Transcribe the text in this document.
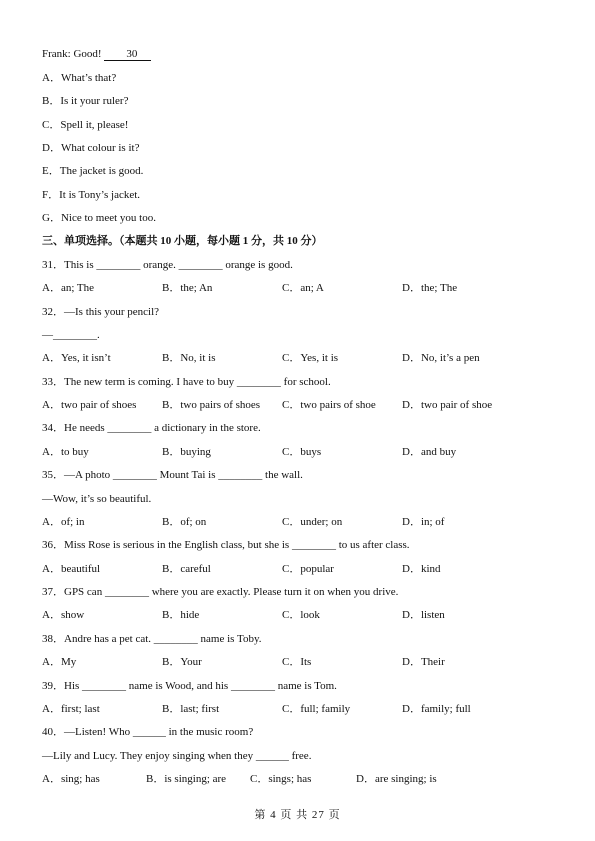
Frank: Good! 30
A．What’s that?
B．Is it your ruler?
C．Spell it, please!
D．What colour is it?
E．The jacket is good.
F．It is Tony’s jacket.
G．Nice to meet you too.
三、单项选择。（本题共 10 小题，每小题 1 分，共 10 分）
31．This is ________ orange. ________ orange is good.
A．an; The	B．the; An	C．an; A	D．the; The
32．—Is this your pencil?
—________.
A．Yes, it isn’t	B．No, it is	C．Yes, it is	D．No, it’s a pen
33．The new term is coming. I have to buy ________ for school.
A．two pair of shoes B．two pairs of shoes C．two pairs of shoe D．two pair of shoe
34．He needs ________ a dictionary in the store.
A．to buy	B．buying	C．buys	D．and buy
35．—A photo ________ Mount Tai is ________ the wall.
—Wow, it’s so beautiful.
A．of; in	B．of; on	C．under; on	D．in; of
36．Miss Rose is serious in the English class, but she is ________ to us after class.
A．beautiful	B．careful	C．popular	D．kind
37．GPS can ________ where you are exactly. Please turn it on when you drive.
A．show	B．hide	C．look	D．listen
38．Andre has a pet cat. ________ name is Toby.
A．My	B．Your	C．Its	D．Their
39．His ________ name is Wood, and his ________ name is Tom.
A．first; last	B．last; first	C．full; family	D．family; full
40．—Listen! Who ______ in the music room?
—Lily and Lucy. They enjoy singing when they ______ free.
A．sing; has	B．is singing; are C．sings; has	D．are singing; is
第 4 页 共 27 页
